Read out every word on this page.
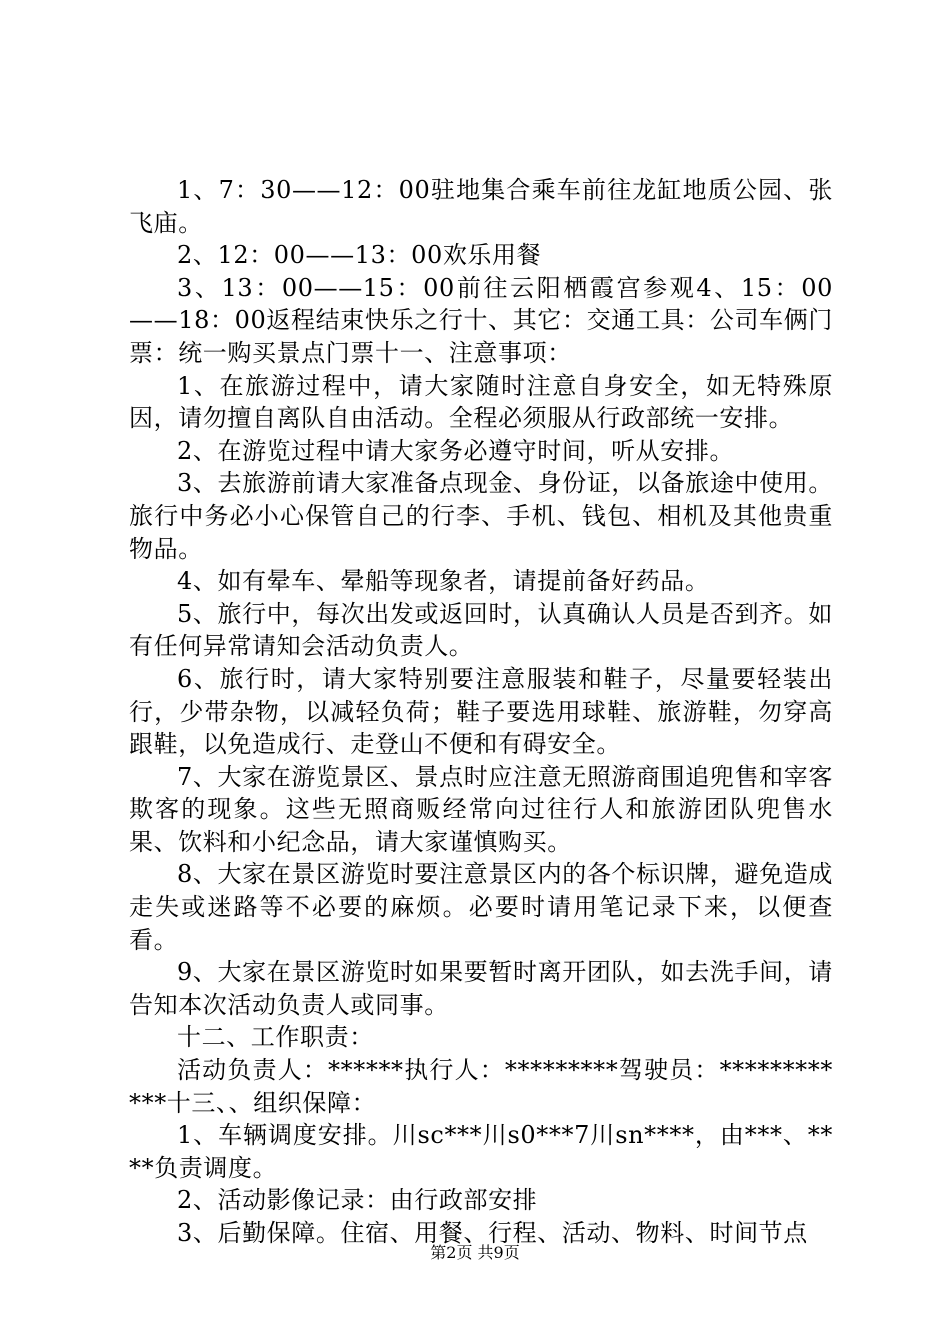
1、7：30——12：00驻地集合乘车前往龙缸地质公园、张飞庙。

2、12：00——13：00欢乐用餐

3、13：00——15：00前往云阳栖霞宫参观4、15：00——18：00返程结束快乐之行十、其它：交通工具：公司车俩门票：统一购买景点门票十一、注意事项：

1、在旅游过程中，请大家随时注意自身安全，如无特殊原因，请勿擅自离队自由活动。全程必须服从行政部统一安排。

2、在游览过程中请大家务必遵守时间，听从安排。

3、去旅游前请大家准备点现金、身份证，以备旅途中使用。旅行中务必小心保管自己的行李、手机、钱包、相机及其他贵重物品。

4、如有晕车、晕船等现象者，请提前备好药品。

5、旅行中，每次出发或返回时，认真确认人员是否到齐。如有任何异常请知会活动负责人。

6、旅行时，请大家特别要注意服装和鞋子，尽量要轻装出行，少带杂物，以减轻负荷；鞋子要选用球鞋、旅游鞋，勿穿高跟鞋，以免造成行、走登山不便和有碍安全。

7、大家在游览景区、景点时应注意无照游商围追兜售和宰客欺客的现象。这些无照商贩经常向过往行人和旅游团队兜售水果、饮料和小纪念品，请大家谨慎购买。

8、大家在景区游览时要注意景区内的各个标识牌，避免造成走失或迷路等不必要的麻烦。必要时请用笔记录下来，以便查看。

9、大家在景区游览时如果要暂时离开团队，如去洗手间，请告知本次活动负责人或同事。

十二、工作职责：

活动负责人：******执行人：*********驾驶员：************十三、、组织保障：

1、车辆调度安排。川sc***川s0***7川sn****，由***、****负责调度。

2、活动影像记录：由行政部安排

3、后勤保障。住宿、用餐、行程、活动、物料、时间节点

第2页 共9页
